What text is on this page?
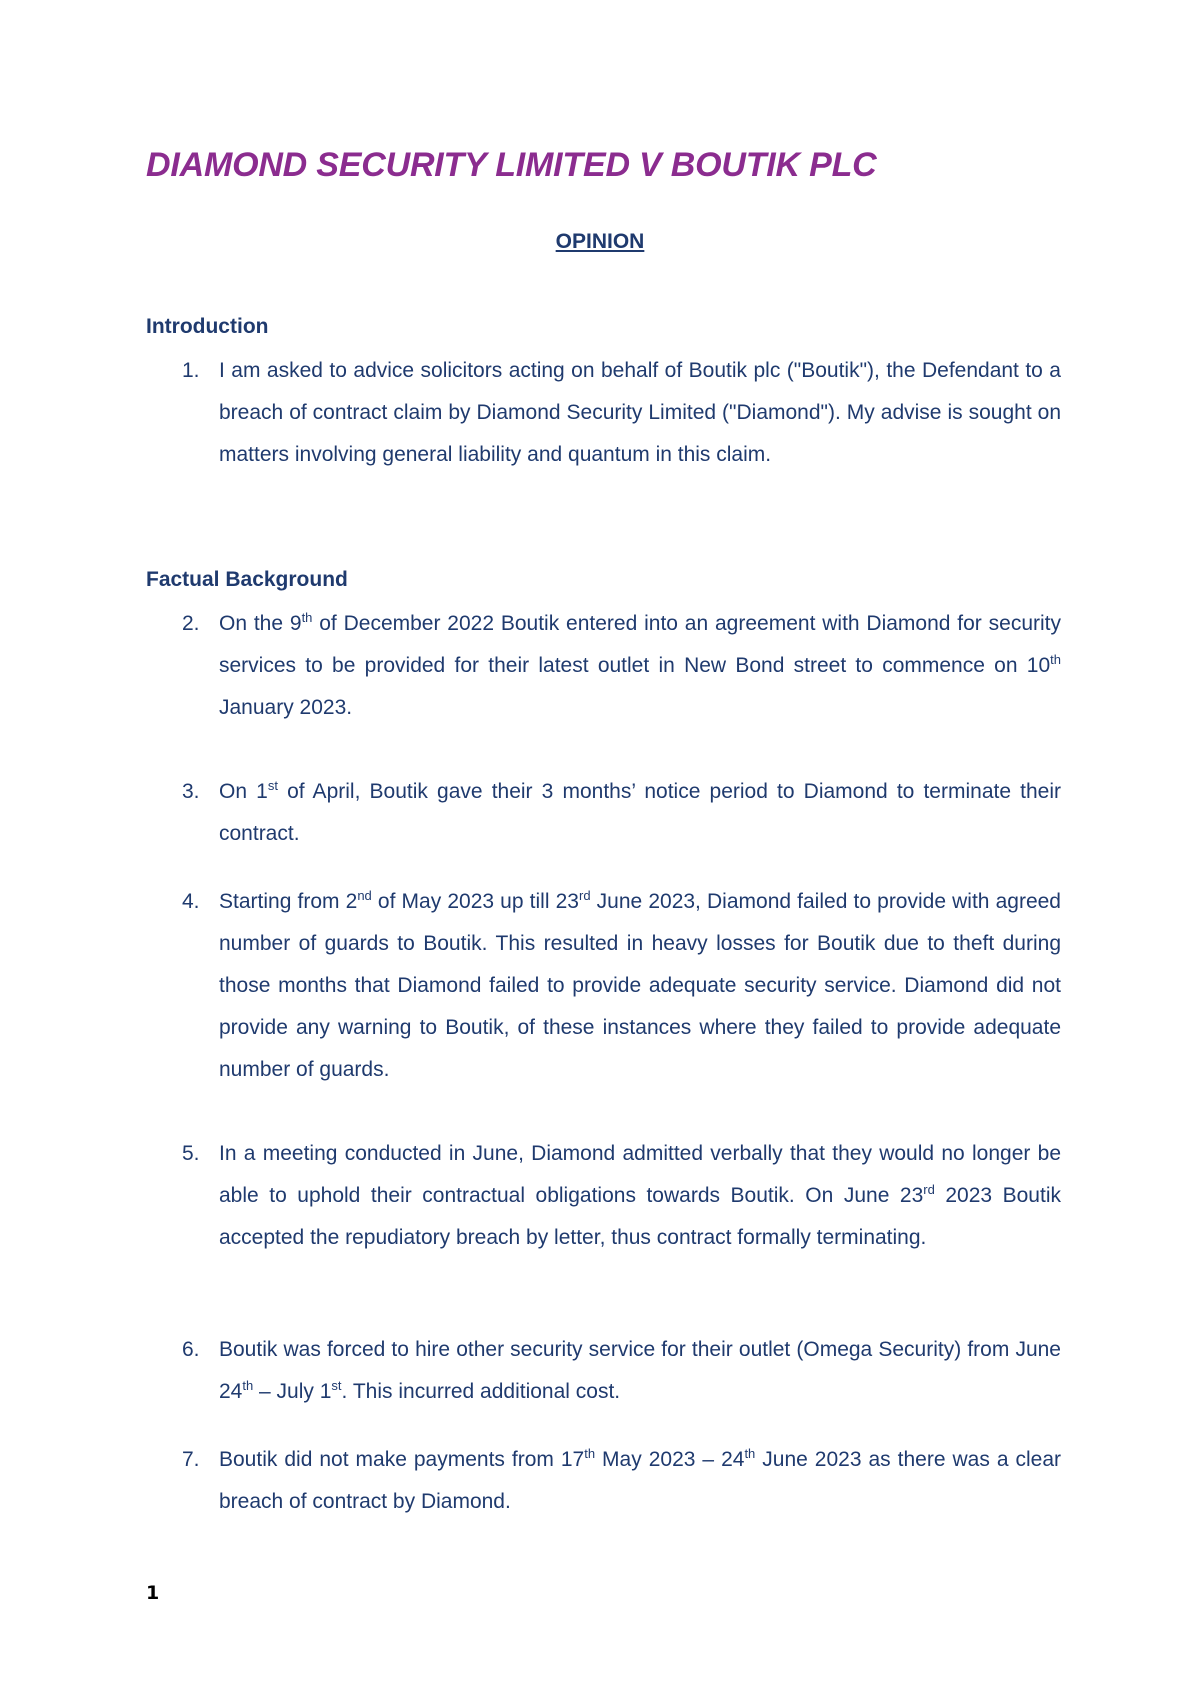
DIAMOND SECURITY LIMITED V BOUTIK PLC
OPINION
Introduction
1. I am asked to advice solicitors acting on behalf of Boutik plc ("Boutik"), the Defendant to a breach of contract claim by Diamond Security Limited ("Diamond"). My advise is sought on matters involving general liability and quantum in this claim.

Factual Background
2. On the 9th of December 2022 Boutik entered into an agreement with Diamond for security services to be provided for their latest outlet in New Bond street to commence on 10th January 2023.

3. On 1st of April, Boutik gave their 3 months’ notice period to Diamond to terminate their contract.

4. Starting from 2nd of May 2023 up till 23rd June 2023, Diamond failed to provide with agreed number of guards to Boutik. This resulted in heavy losses for Boutik due to theft during those months that Diamond failed to provide adequate security service. Diamond did not provide any warning to Boutik, of these instances where they failed to provide adequate number of guards.

5. In a meeting conducted in June, Diamond admitted verbally that they would no longer be able to uphold their contractual obligations towards Boutik. On June 23rd 2023 Boutik accepted the repudiatory breach by letter, thus contract formally terminating.

6. Boutik was forced to hire other security service for their outlet (Omega Security) from June 24th – July 1st. This incurred additional cost.

7. Boutik did not make payments from 17th May 2023 – 24th June 2023 as there was a clear breach of contract by Diamond.

1
